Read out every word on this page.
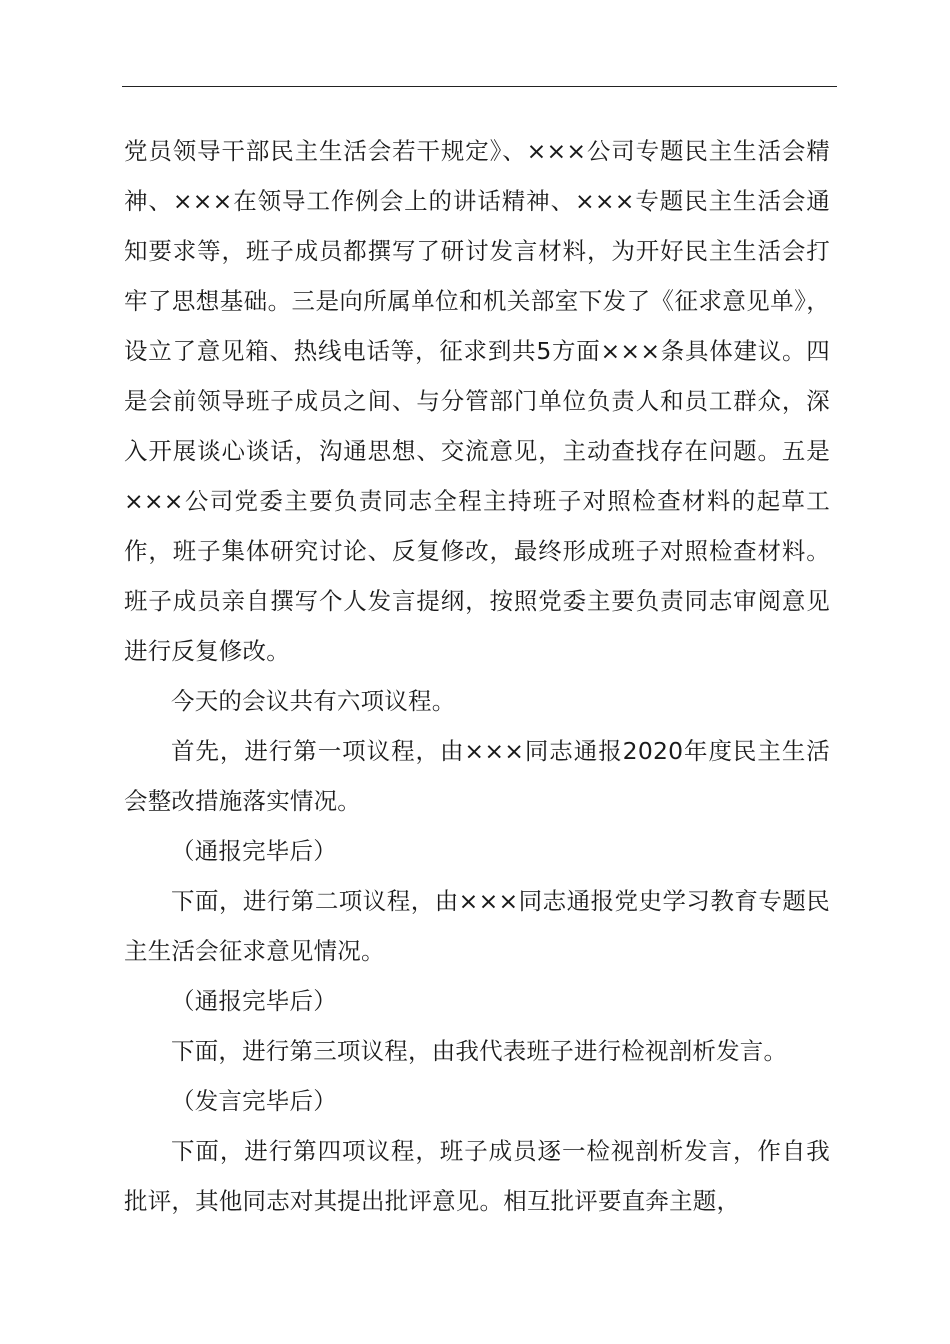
党员领导干部民主生活会若干规定》、×××公司专题民主生活会精神、×××在领导工作例会上的讲话精神、×××专题民主生活会通知要求等，班子成员都撰写了研讨发言材料，为开好民主生活会打牢了思想基础。三是向所属单位和机关部室下发了《征求意见单》，设立了意见箱、热线电话等，征求到共5方面×××条具体建议。四是会前领导班子成员之间、与分管部门单位负责人和员工群众，深入开展谈心谈话，沟通思想、交流意见，主动查找存在问题。五是×××公司党委主要负责同志全程主持班子对照检查材料的起草工作，班子集体研究讨论、反复修改，最终形成班子对照检查材料。班子成员亲自撰写个人发言提纲，按照党委主要负责同志审阅意见进行反复修改。

今天的会议共有六项议程。

首先，进行第一项议程，由×××同志通报2020年度民主生活会整改措施落实情况。

（通报完毕后）

下面，进行第二项议程，由×××同志通报党史学习教育专题民主生活会征求意见情况。

（通报完毕后）

下面，进行第三项议程，由我代表班子进行检视剖析发言。

（发言完毕后）

下面，进行第四项议程，班子成员逐一检视剖析发言，作自我批评，其他同志对其提出批评意见。相互批评要直奔主题，
